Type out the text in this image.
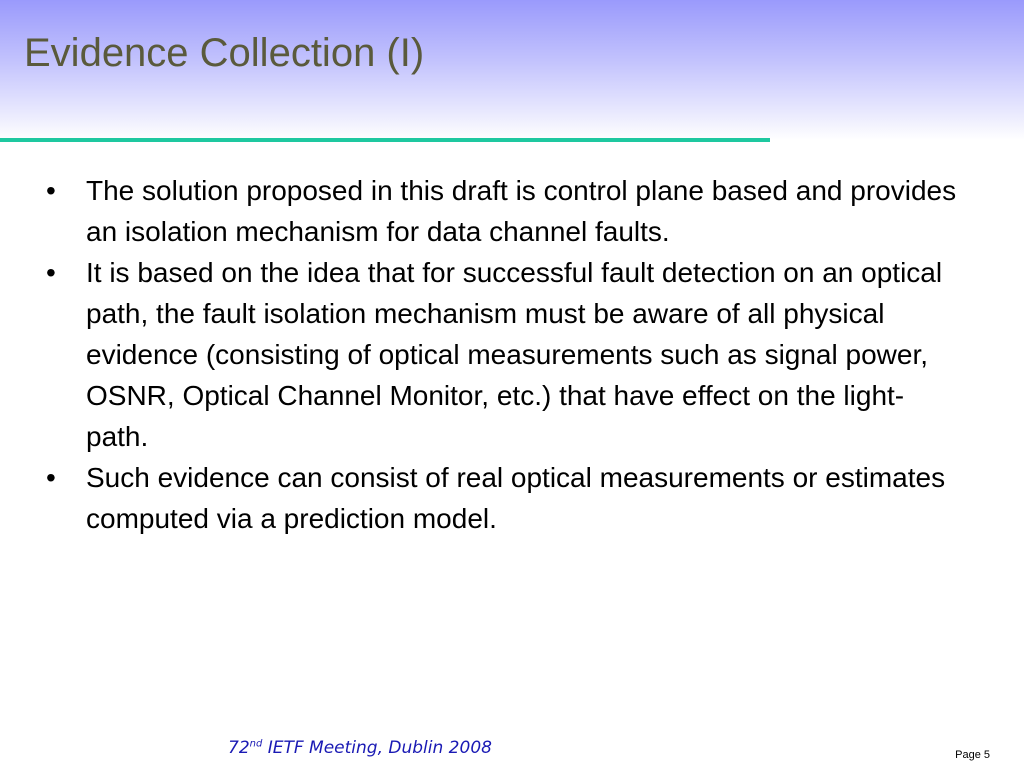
Evidence Collection (I)
• The solution proposed in this draft is control plane based and provides an isolation mechanism for data channel faults.
• It is based on the idea that for successful fault detection on an optical path, the fault isolation mechanism must be aware of all physical evidence (consisting of optical measurements such as signal power, OSNR, Optical Channel Monitor, etc.) that have effect on the light-path.
• Such evidence can consist of real optical measurements or estimates computed via a prediction model.
72nd IETF Meeting, Dublin 2008	Page 5
